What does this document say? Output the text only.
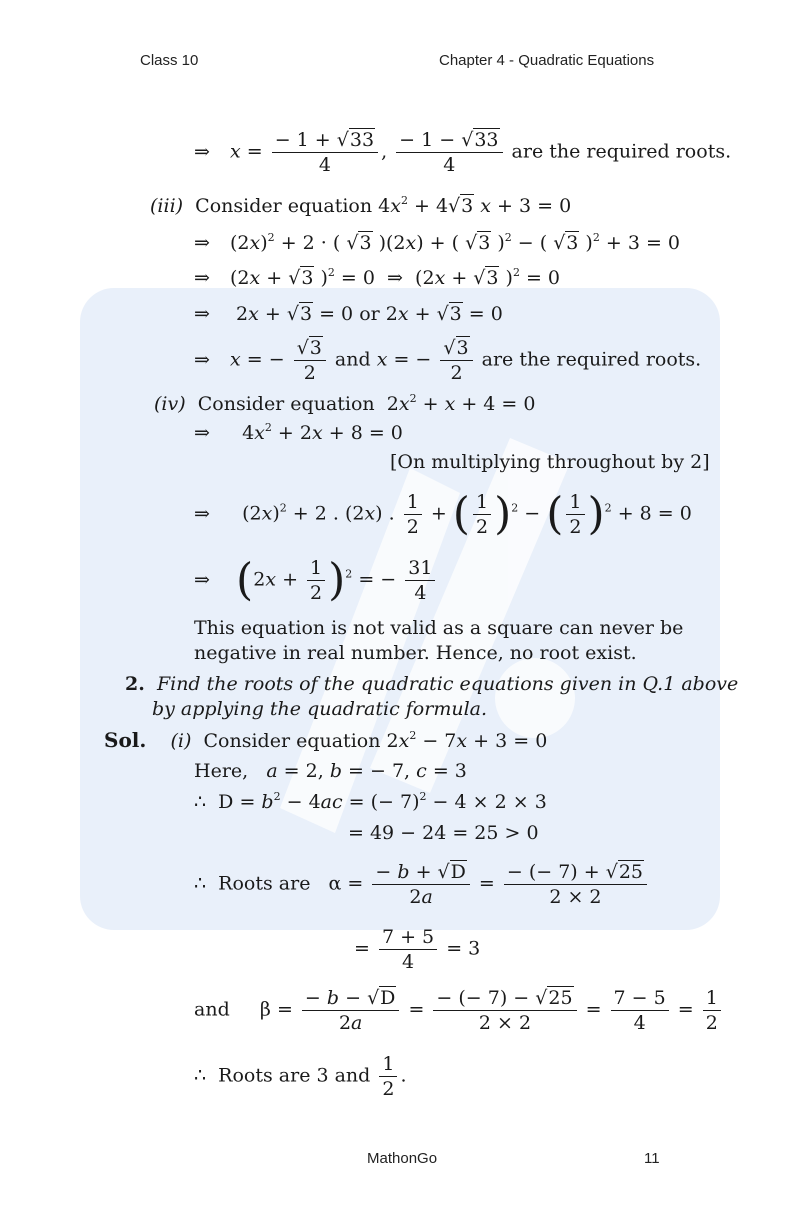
Class 10	Chapter 4 - Quadratic Equations
⇒ $x = \frac{- 1 + √33}{4}$ , $\frac{- 1 - √33}{4}$ are the required roots.
(iii) Consider equation $4x^2 + 4√3$ x + 3 = 0
⇒ $(2x)^2 + 2$ · ( √3 )(2x) + ( √3 )$^2$ − ( √3 )$^2$ + 3 = 0
⇒ (2x + √3 )$^2$ = 0  ⇒  (2x + √3 )$^2$ = 0
⇒ 2x + √3 = 0 or 2x + √3 = 0
⇒ x = − $\frac{√3}{2}$ and x = − $\frac{√3}{2}$ are the required roots.
(iv) Consider equation  $2x^2 + x + 4 = 0$
⇒  $4x^2 + 2x + 8 = 0$
[On multiplying throughout by 2]
⇒  $(2x)^2 + 2$ . (2x) . $\frac{1}{2}$ + ( $\frac{1}{2} )^2$ − ( $\frac{1}{2} )^2 + 8 = 0$
⇒ $(2x + \frac{1}{2} )^2$ = − $\frac{31}{4}$
This equation is not valid as a square can never be
negative in real number. Hence, no root exist.
2. Find the roots of the quadratic equations given in Q.1 above
by applying the quadratic formula.
Sol. (i) Consider equation $2x^2 - 7x + 3 = 0$
Here, a = 2, b = − 7, c = 3
∴  $D = b^2 - 4ac$ = (− 7)$^2$ − 4 × 2 × 3
= 49 − 24 = 25 > 0
∴  Roots are   $\alpha = \frac{- b + √D}{2a} = \frac{- (- 7) + √25}{2 \times 2}$
= $\frac{7 + 5}{4} = 3$
and     $\beta = \frac{- b - √D}{2a} = \frac{- (- 7) - √25}{2 \times 2} = \frac{7 - 5}{4} = \frac{1}{2}$
∴  Roots are 3 and $\frac{1}{2}$ .
MathonGo	11
